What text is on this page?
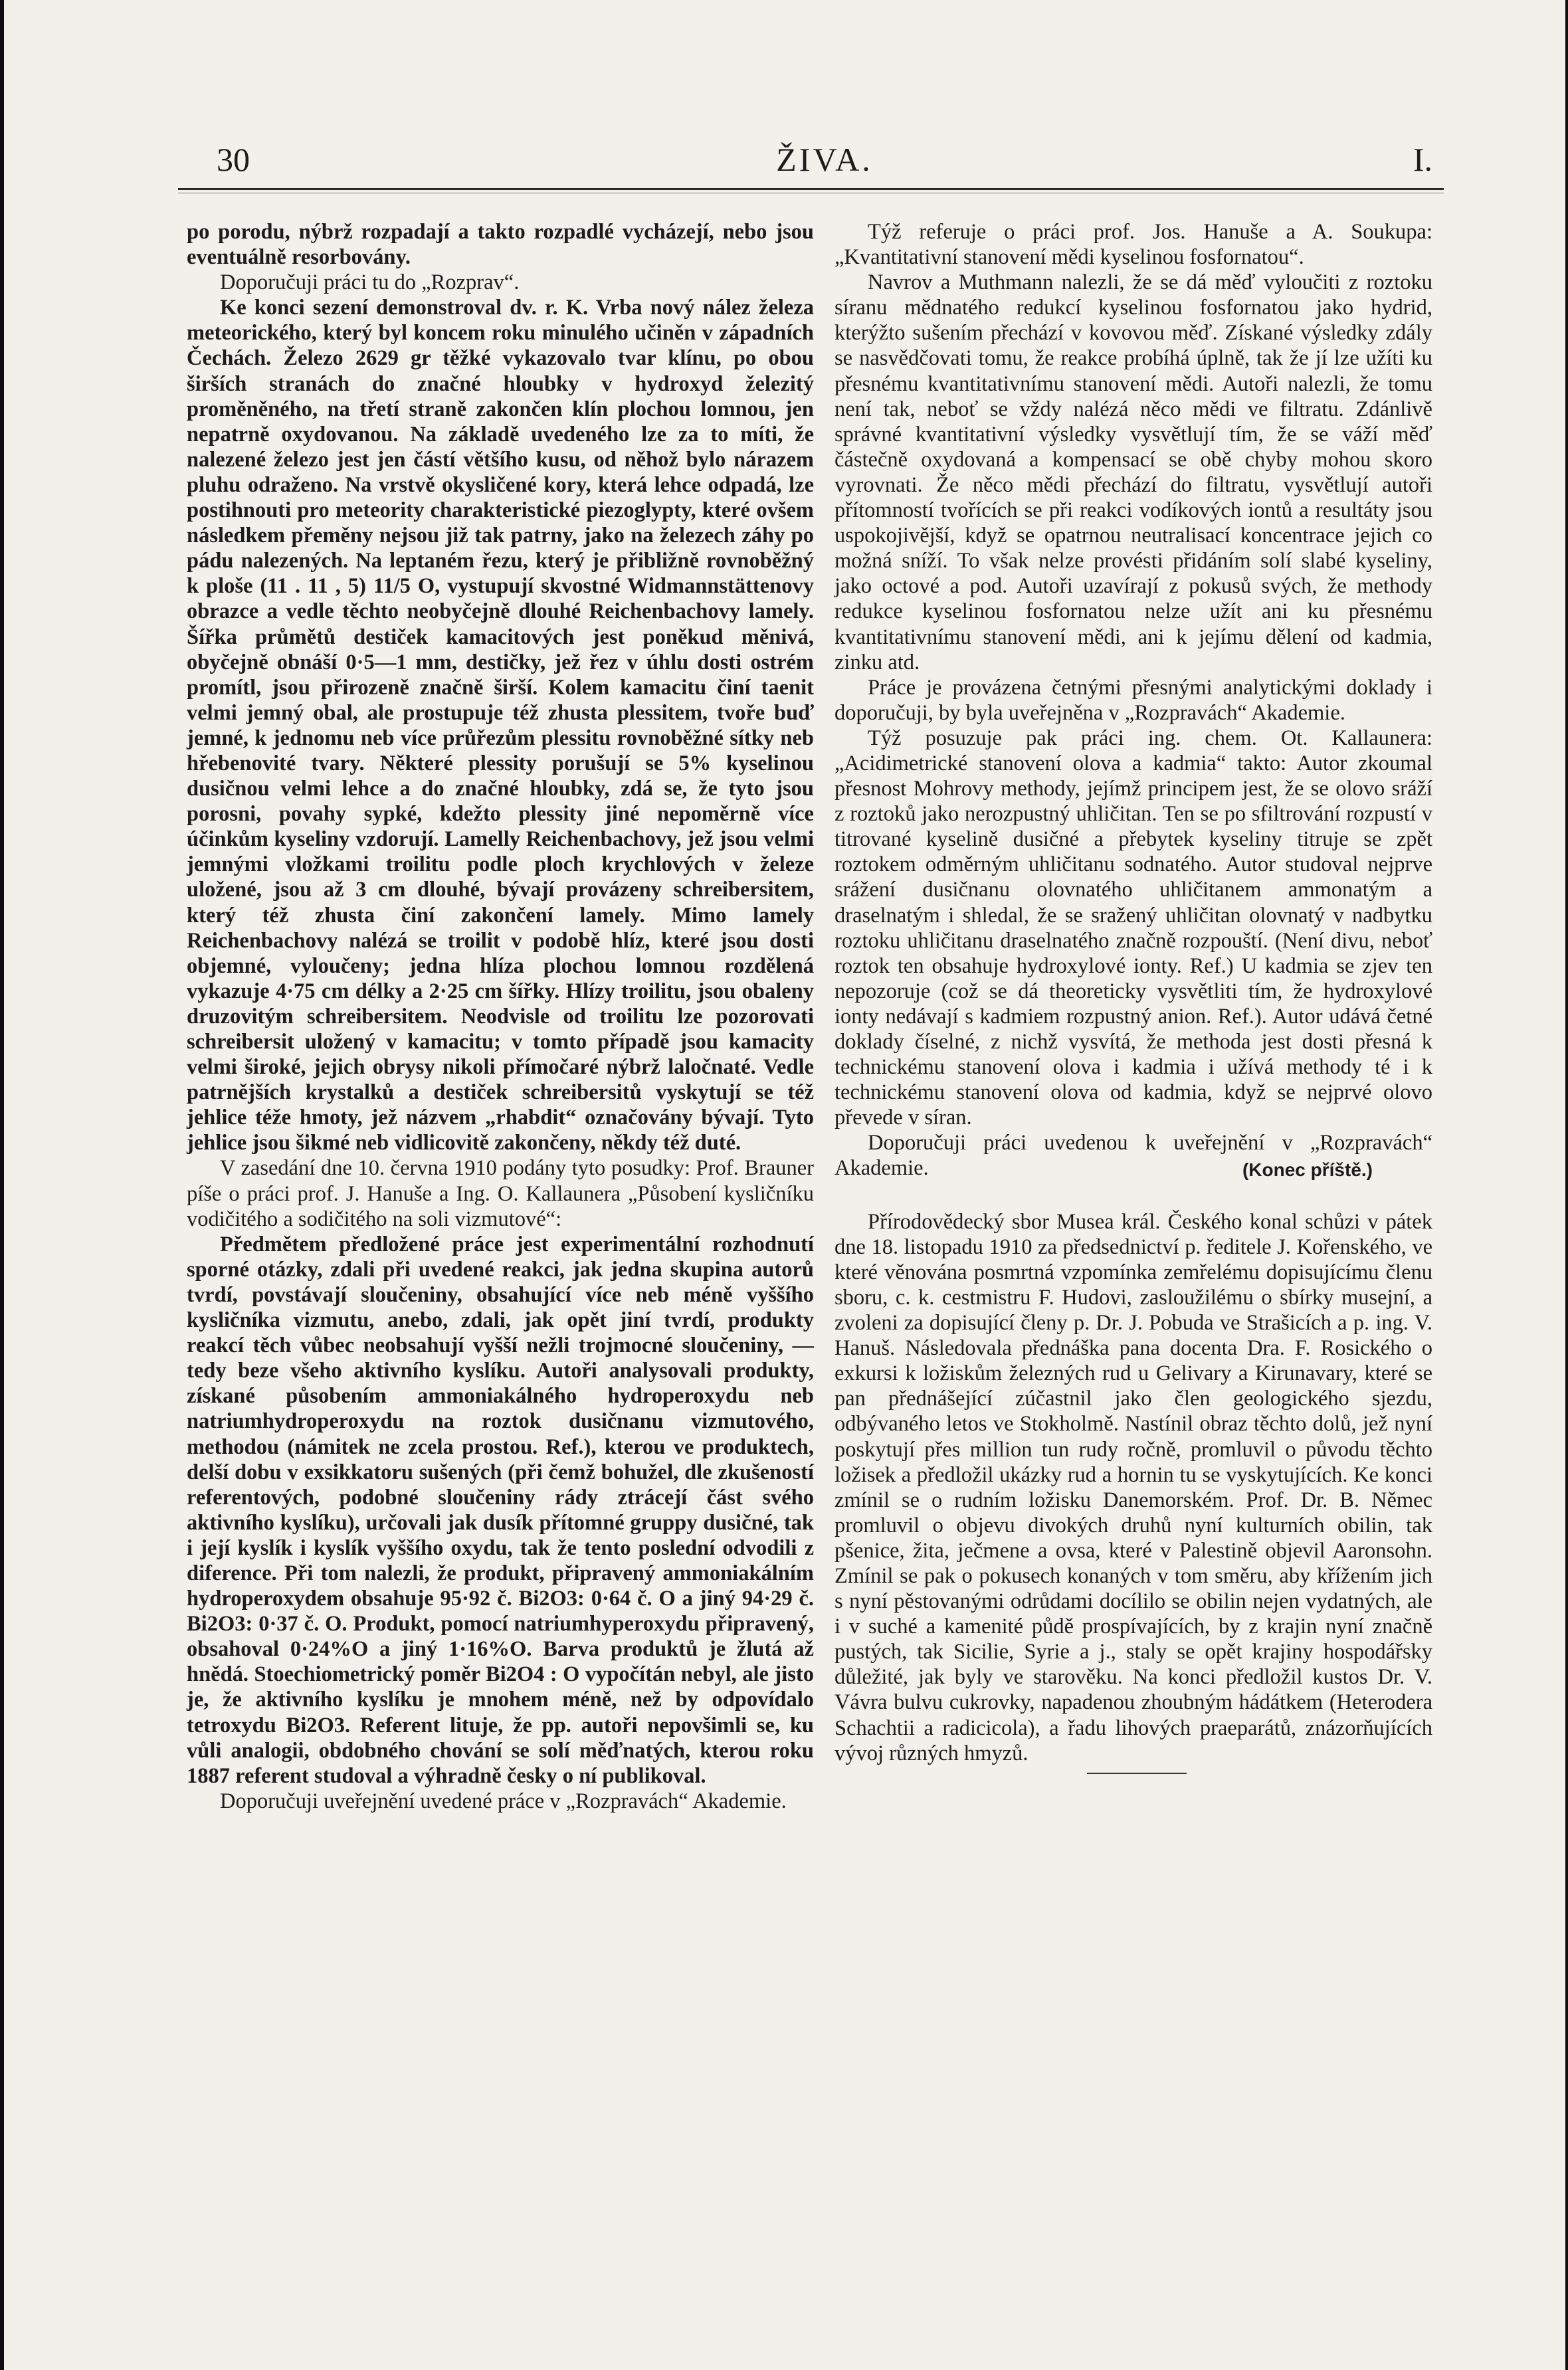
30	ŽIVA.	I.

po porodu, nýbrž rozpadají a takto rozpadlé vycházejí, nebo jsou eventuálně resorbovány.

Doporučuji práci tu do „Rozprav“.

Ke konci sezení demonstroval dv. r. K. Vrba nový nález železa meteorického, který byl koncem roku minulého učiněn v západních Čechách. Železo 2629 gr těžké vykazovalo tvar klínu, po obou širších stranách do značné hloubky v hydroxyd železitý proměněného, na třetí straně zakončen klín plochou lomnou, jen nepatrně oxydovanou. Na základě uvedeného lze za to míti, že nalezené železo jest jen částí většího kusu, od něhož bylo nárazem pluhu odraženo. Na vrstvě okysličené kory, která lehce odpadá, lze postihnouti pro meteority charakteristické piezoglypty, které ovšem následkem přeměny nejsou již tak patrny, jako na železech záhy po pádu nalezených. Na leptaném řezu, který je přibližně rovnoběžný k ploše (11 . 11 , 5) 11/5 O, vystupují skvostné Widmannstättenovy obrazce a vedle těchto neobyčejně dlouhé Reichenbachovy lamely. Šířka průmětů destiček kamacitových jest poněkud měnivá, obyčejně obnáší 0·5—1 mm, destičky, jež řez v úhlu dosti ostrém promítl, jsou přirozeně značně širší. Kolem kamacitu činí taenit velmi jemný obal, ale prostupuje též zhusta plessitem, tvoře buď jemné, k jednomu neb více průřezům plessitu rovnoběžné sítky neb hřebenovité tvary. Některé plessity porušují se 5% kyselinou dusičnou velmi lehce a do značné hloubky, zdá se, že tyto jsou porosni, povahy sypké, kdežto plessity jiné nepoměrně více účinkům kyseliny vzdorují. Lamelly Reichenbachovy, jež jsou velmi jemnými vložkami troilitu podle ploch krychlových v železe uložené, jsou až 3 cm dlouhé, bývají provázeny schreibersitem, který též zhusta činí zakončení lamely. Mimo lamely Reichenbachovy nalézá se troilit v podobě hlíz, které jsou dosti objemné, vyloučeny; jedna hlíza plochou lomnou rozdělená vykazuje 4·75 cm délky a 2·25 cm šířky. Hlízy troilitu, jsou obaleny druzovitým schreibersitem. Neodvisle od troilitu lze pozorovati schreibersit uložený v kamacitu; v tomto případě jsou kamacity velmi široké, jejich obrysy nikoli přímočaré nýbrž laločnaté. Vedle patrnějších krystalků a destiček schreibersitů vyskytují se též jehlice téže hmoty, jež názvem „rhabdit“ označovány bývají. Tyto jehlice jsou šikmé neb vidlicovitě zakončeny, někdy též duté.

V zasedání dne 10. června 1910 podány tyto posudky: Prof. Brauner píše o práci prof. J. Hanuše a Ing. O. Kallaunera „Působení kysličníku vodičitého a sodičitého na soli vizmutové“:

Předmětem předložené práce jest experimentální rozhodnutí sporné otázky, zdali při uvedené reakci, jak jedna skupina autorů tvrdí, povstávají sloučeniny, obsahující více neb méně vyššího kysličníka vizmutu, anebo, zdali, jak opět jiní tvrdí, produkty reakcí těch vůbec neobsahují vyšší nežli trojmocné sloučeniny, — tedy beze všeho aktivního kyslíku. Autoři analysovali produkty, získané působením ammoniakálného hydroperoxydu neb natriumhydroperoxydu na roztok dusičnanu vizmutového, methodou (námitek ne zcela prostou. Ref.), kterou ve produktech, delší dobu v exsikkatoru sušených (při čemž bohužel, dle zkušeností referentových, podobné sloučeniny rády ztrácejí část svého aktivního kyslíku), určovali jak dusík přítomné gruppy dusičné, tak i její kyslík i kyslík vyššího oxydu, tak že tento poslední odvodili z diference. Při tom nalezli, že produkt, připravený ammoniakálním hydroperoxydem obsahuje 95·92 č. Bi2O3: 0·64 č. O a jiný 94·29 č. Bi2O3: 0·37 č. O. Produkt, pomocí natriumhyperoxydu připravený, obsahoval 0·24%O a jiný 1·16%O. Barva produktů je žlutá až hnědá. Stoechiometrický poměr Bi2O4 : O vypočítán nebyl, ale jisto je, že aktivního kyslíku je mnohem méně, než by odpovídalo tetroxydu Bi2O3. Referent lituje, že pp. autoři nepovšimli se, ku vůli analogii, obdobného chování se solí měďnatých, kterou roku 1887 referent studoval a výhradně česky o ní publikoval.

Doporučuji uveřejnění uvedené práce v „Rozpravách“ Akademie.

Týž referuje o práci prof. Jos. Hanuše a A. Soukupa: „Kvantitativní stanovení mědi kyselinou fosfornatou“.

Navrov a Muthmann nalezli, že se dá měď vyloučiti z roztoku síranu mědnatého redukcí kyselinou fosfornatou jako hydrid, kterýžto sušením přechází v kovovou měď. Získané výsledky zdály se nasvědčovati tomu, že reakce probíhá úplně, tak že jí lze užíti ku přesnému kvantitativnímu stanovení mědi. Autoři nalezli, že tomu není tak, neboť se vždy nalézá něco mědi ve filtratu. Zdánlivě správné kvantitativní výsledky vysvětlují tím, že se váží měď částečně oxydovaná a kompensací se obě chyby mohou skoro vyrovnati. Že něco mědi přechází do filtratu, vysvětlují autoři přítomností tvořících se při reakci vodíkových iontů a resultáty jsou uspokojivější, když se opatrnou neutralisací koncentrace jejich co možná sníží. To však nelze provésti přidáním solí slabé kyseliny, jako octové a pod. Autoři uzavírají z pokusů svých, že methody redukce kyselinou fosfornatou nelze užít ani ku přesnému kvantitativnímu stanovení mědi, ani k jejímu dělení od kadmia, zinku atd.

Práce je provázena četnými přesnými analytickými doklady i doporučuji, by byla uveřejněna v „Rozpravách“ Akademie.

Týž posuzuje pak práci ing. chem. Ot. Kallaunera: „Acidimetrické stanovení olova a kadmia“ takto: Autor zkoumal přesnost Mohrovy methody, jejímž principem jest, že se olovo sráží z roztoků jako nerozpustný uhličitan. Ten se po sfiltrování rozpustí v titrované kyselině dusičné a přebytek kyseliny titruje se zpět roztokem odměrným uhličitanu sodnatého. Autor studoval nejprve srážení dusičnanu olovnatého uhličitanem ammonatým a draselnatým i shledal, že se sražený uhličitan olovnatý v nadbytku roztoku uhličitanu draselnatého značně rozpouští. (Není divu, neboť roztok ten obsahuje hydroxylové ionty. Ref.) U kadmia se zjev ten nepozoruje (což se dá theoreticky vysvětliti tím, že hydroxylové ionty nedávají s kadmiem rozpustný anion. Ref.). Autor udává četné doklady číselné, z nichž vysvítá, že methoda jest dosti přesná k technickému stanovení olova i kadmia i užívá methody té i k technickému stanovení olova od kadmia, když se nejprvé olovo převede v síran.

Doporučuji práci uvedenou k uveřejnění v „Rozpravách“ Akademie.	(Konec příště.)

Přírodovědecký sbor Musea král. Českého konal schůzi v pátek dne 18. listopadu 1910 za předsednictví p. ředitele J. Kořenského, ve které věnována posmrtná vzpomínka zemřelému dopisujícímu členu sboru, c. k. cestmistru F. Hudovi, zasloužilému o sbírky musejní, a zvoleni za dopisující členy p. Dr. J. Pobuda ve Strašicích a p. ing. V. Hanuš. Následovala přednáška pana docenta Dra. F. Rosického o exkursi k ložiskům železných rud u Gelivary a Kirunavary, které se pan přednášející zúčastnil jako člen geologického sjezdu, odbývaného letos ve Stokholmě. Nastínil obraz těchto dolů, jež nyní poskytují přes million tun rudy ročně, promluvil o původu těchto ložisek a předložil ukázky rud a hornin tu se vyskytujících. Ke konci zmínil se o rudním ložisku Danemorském. Prof. Dr. B. Němec promluvil o objevu divokých druhů nyní kulturních obilin, tak pšenice, žita, ječmene a ovsa, které v Palestině objevil Aaronsohn. Zmínil se pak o pokusech konaných v tom směru, aby křížením jich s nyní pěstovanými odrůdami docílilo se obilin nejen vydatných, ale i v suché a kamenité půdě prospívajících, by z krajin nyní značně pustých, tak Sicilie, Syrie a j., staly se opět krajiny hospodářsky důležité, jak byly ve starověku. Na konci předložil kustos Dr. V. Vávra bulvu cukrovky, napadenou zhoubným hádátkem (Heterodera Schachtii a radicicola), a řadu lihových praeparátů, znázorňujících vývoj různých hmyzů.
